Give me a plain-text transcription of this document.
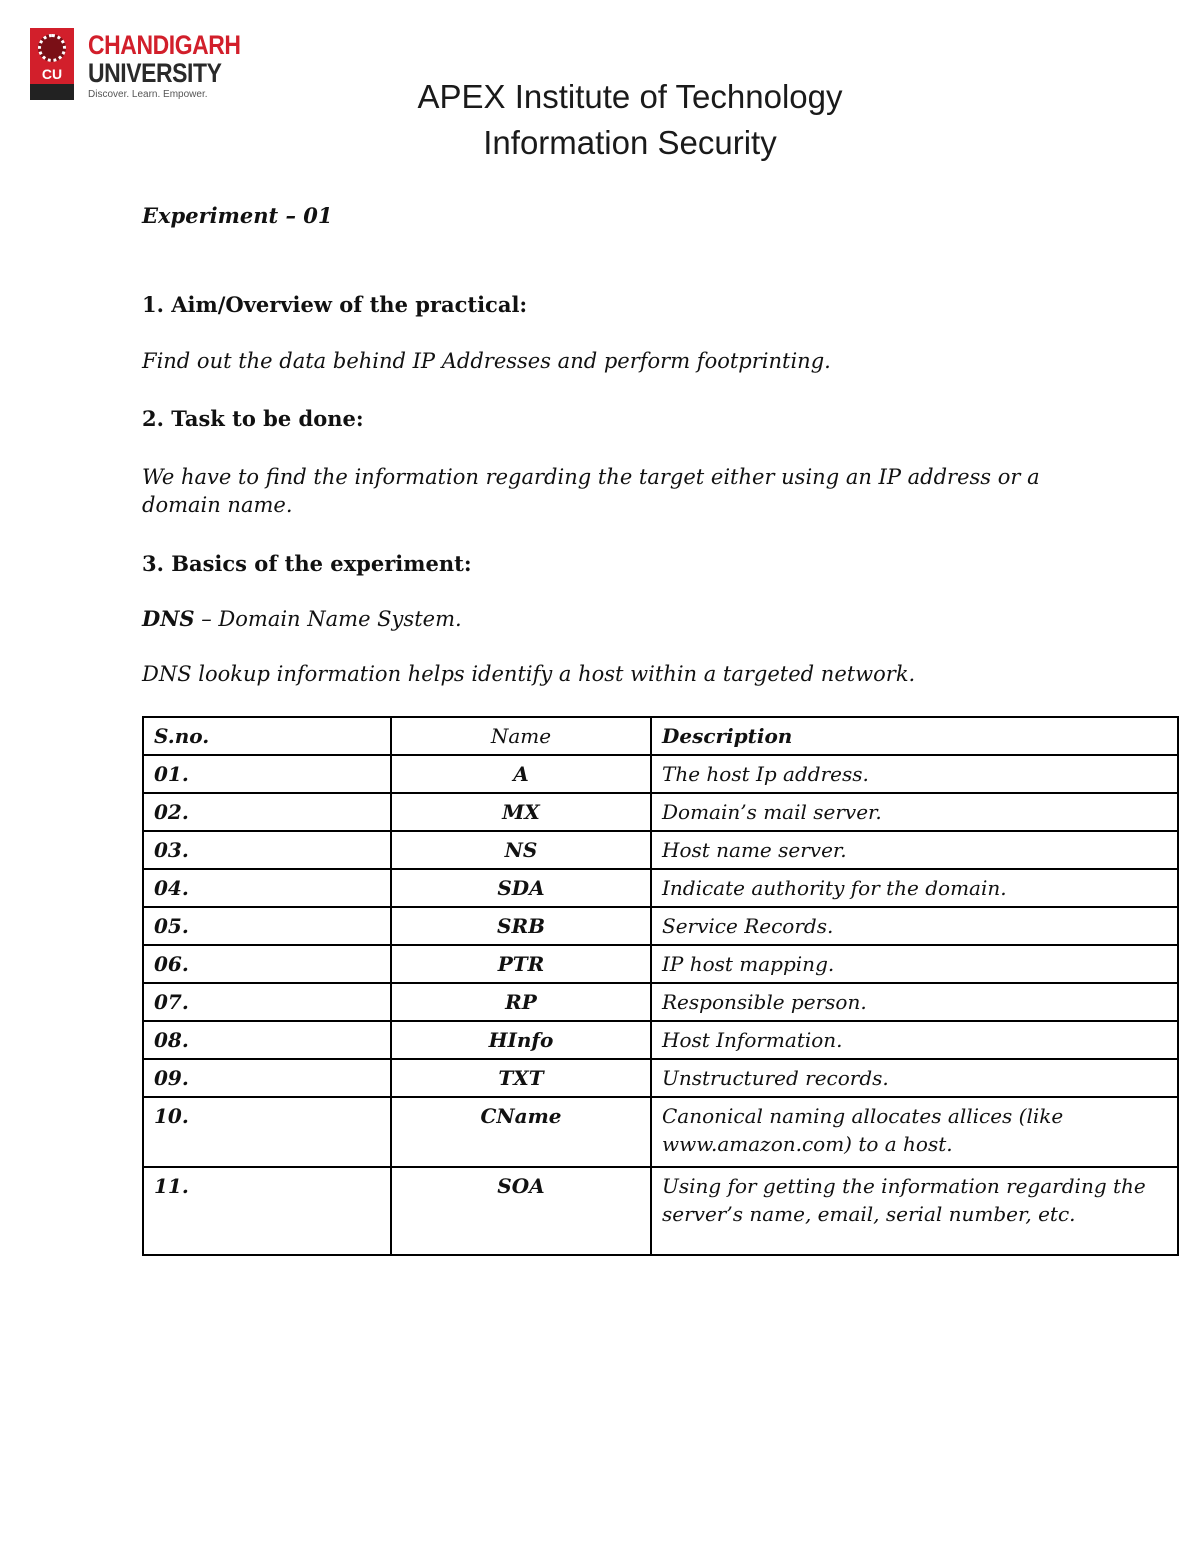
CU
CHANDIGARH
UNIVERSITY
Discover. Learn. Empower.	APEX Institute of Technology
Information Security
Experiment – 01
1. Aim/Overview of the practical:
Find out the data behind IP Addresses and perform footprinting.
2. Task to be done:
We have to find the information regarding the target either using an IP address or a
domain name.
3. Basics of the experiment:
DNS – Domain Name System.
DNS lookup information helps identify a host within a targeted network.
S.no.	Name	Description
01.	A	The host Ip address.
02.	MX	Domain’s mail server.
03.	NS	Host name server.
04.	SDA	Indicate authority for the domain.
05.	SRB	Service Records.
06.	PTR	IP host mapping.
07.	RP	Responsible person.
08.	HInfo	Host Information.
09.	TXT	Unstructured records.
10.	CName	Canonical naming allocates allices (like www.amazon.com) to a host.
11.	SOA	Using for getting the information regarding the server’s name, email, serial number, etc.
